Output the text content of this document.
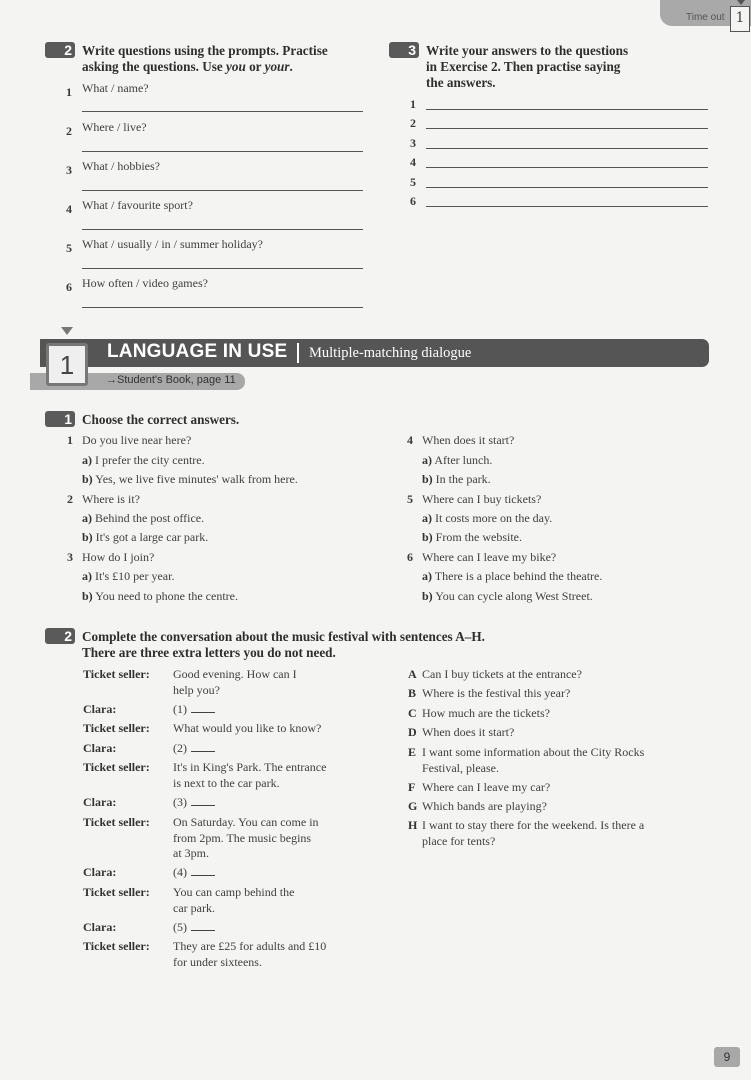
Time out 1
2 Write questions using the prompts. Practise
asking the questions. Use you or your.
1 What / name?
2 Where / live?
3 What / hobbies?
4 What / favourite sport?
5 What / usually / in / summer holiday?
6 How often / video games?
3 Write your answers to the questions
in Exercise 2. Then practise saying
the answers.
1
2
3
4
5
6
1	LANGUAGE IN USE Multiple-matching dialogue
→Student's Book, page 11
1 Choose the correct answers.
1 Do you live near here?
a) I prefer the city centre.
b) Yes, we live five minutes' walk from here.
2 Where is it?
a) Behind the post office.
b) It's got a large car park.
3 How do I join?
a) It's £10 per year.
b) You need to phone the centre.
4 When does it start?
a) After lunch.
b) In the park.
5 Where can I buy tickets?
a) It costs more on the day.
b) From the website.
6 Where can I leave my bike?
a) There is a place behind the theatre.
b) You can cycle along West Street.
2 Complete the conversation about the music festival with sentences A–H.
There are three extra letters you do not need.
Ticket seller: Good evening. How can I
help you?
Clara:	(1)
Ticket seller: What would you like to know?
Clara:	(2)
Ticket seller: It's in King's Park. The entrance
is next to the car park.
Clara:	(3)
Ticket seller: On Saturday. You can come in
from 2pm. The music begins
at 3pm.
Clara:	(4)
Ticket seller: You can camp behind the
car park.
Clara:	(5)
Ticket seller: They are £25 for adults and £10
for under sixteens.
A Can I buy tickets at the entrance?
B Where is the festival this year?
C How much are the tickets?
D When does it start?
E I want some information about the City Rocks
Festival, please.
F Where can I leave my car?
G Which bands are playing?
H I want to stay there for the weekend. Is there a
place for tents?
9
